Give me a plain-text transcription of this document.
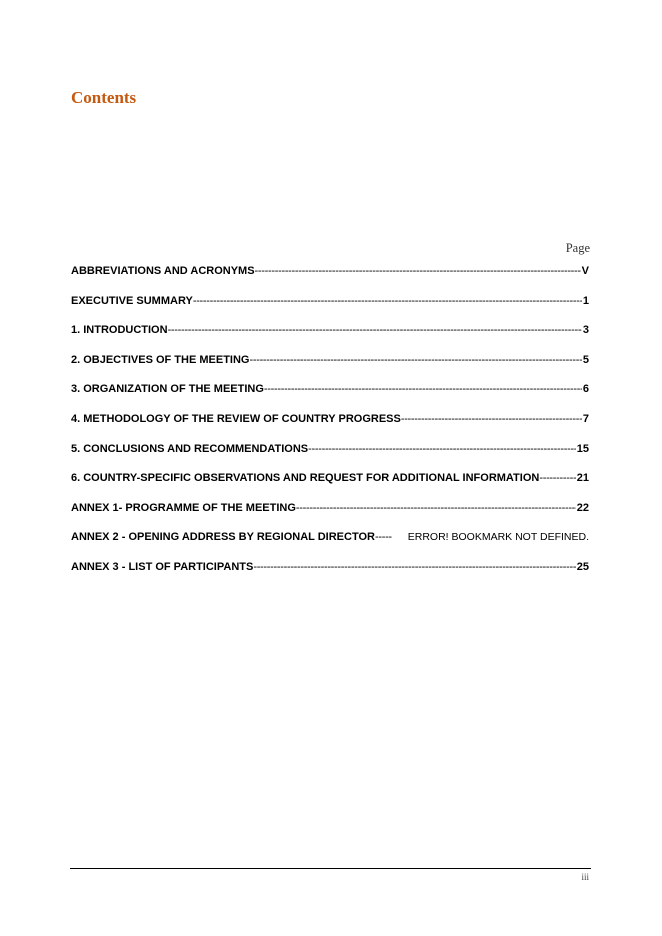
Contents
Page
ABBREVIATIONS AND ACRONYMS -----	V
EXECUTIVE SUMMARY -----	1
1. INTRODUCTION -----	3
2. OBJECTIVES OF THE MEETING -----	5
3. ORGANIZATION OF THE MEETING -----	6
4. METHODOLOGY OF THE REVIEW OF COUNTRY PROGRESS -----	7
5. CONCLUSIONS AND RECOMMENDATIONS -----	15
6. COUNTRY-SPECIFIC OBSERVATIONS AND REQUEST FOR ADDITIONAL INFORMATION -----	21
ANNEX 1- PROGRAMME OF THE MEETING -----	22
ANNEX 2 - OPENING ADDRESS BY REGIONAL DIRECTOR -----	ERROR! BOOKMARK NOT DEFINED.
ANNEX 3 - LIST OF PARTICIPANTS -----	25
iii
